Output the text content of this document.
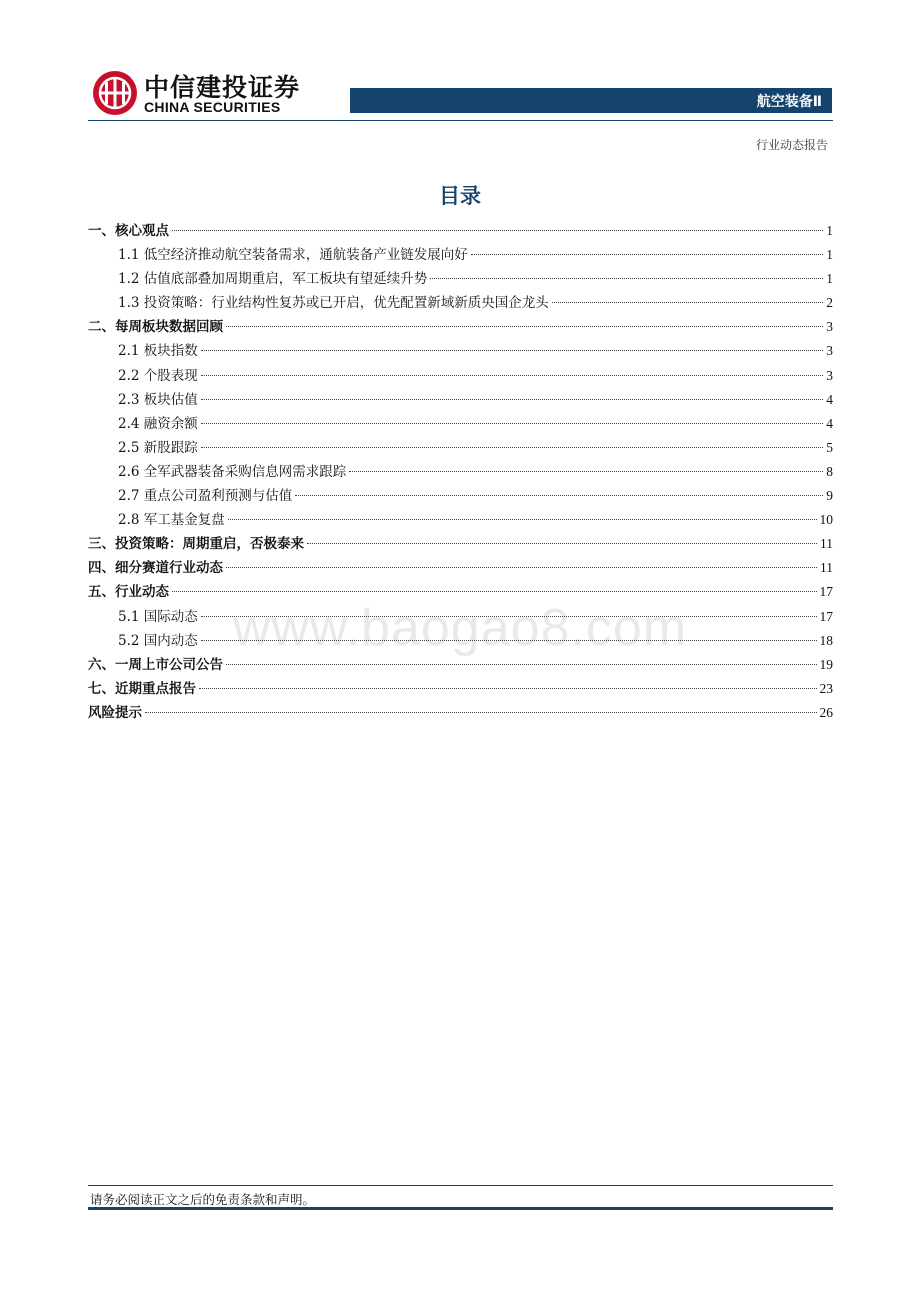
中信建投证券
CHINA SECURITIES	航空装备Ⅱ
行业动态报告
目录
www.baogao8.com
一、核心观点	1
1.1 低空经济推动航空装备需求，通航装备产业链发展向好	1
1.2 估值底部叠加周期重启，军工板块有望延续升势	1
1.3 投资策略：行业结构性复苏或已开启，优先配置新域新质央国企龙头	2
二、每周板块数据回顾	3
2.1 板块指数	3
2.2 个股表现	3
2.3 板块估值	4
2.4 融资余额	4
2.5 新股跟踪	5
2.6 全军武器装备采购信息网需求跟踪	8
2.7 重点公司盈利预测与估值	9
2.8 军工基金复盘	10
三、投资策略：周期重启，否极泰来	11
四、细分赛道行业动态	11
五、行业动态	17
5.1 国际动态	17
5.2 国内动态	18
六、一周上市公司公告	19
七、近期重点报告	23
风险提示	26
请务必阅读正文之后的免责条款和声明。
